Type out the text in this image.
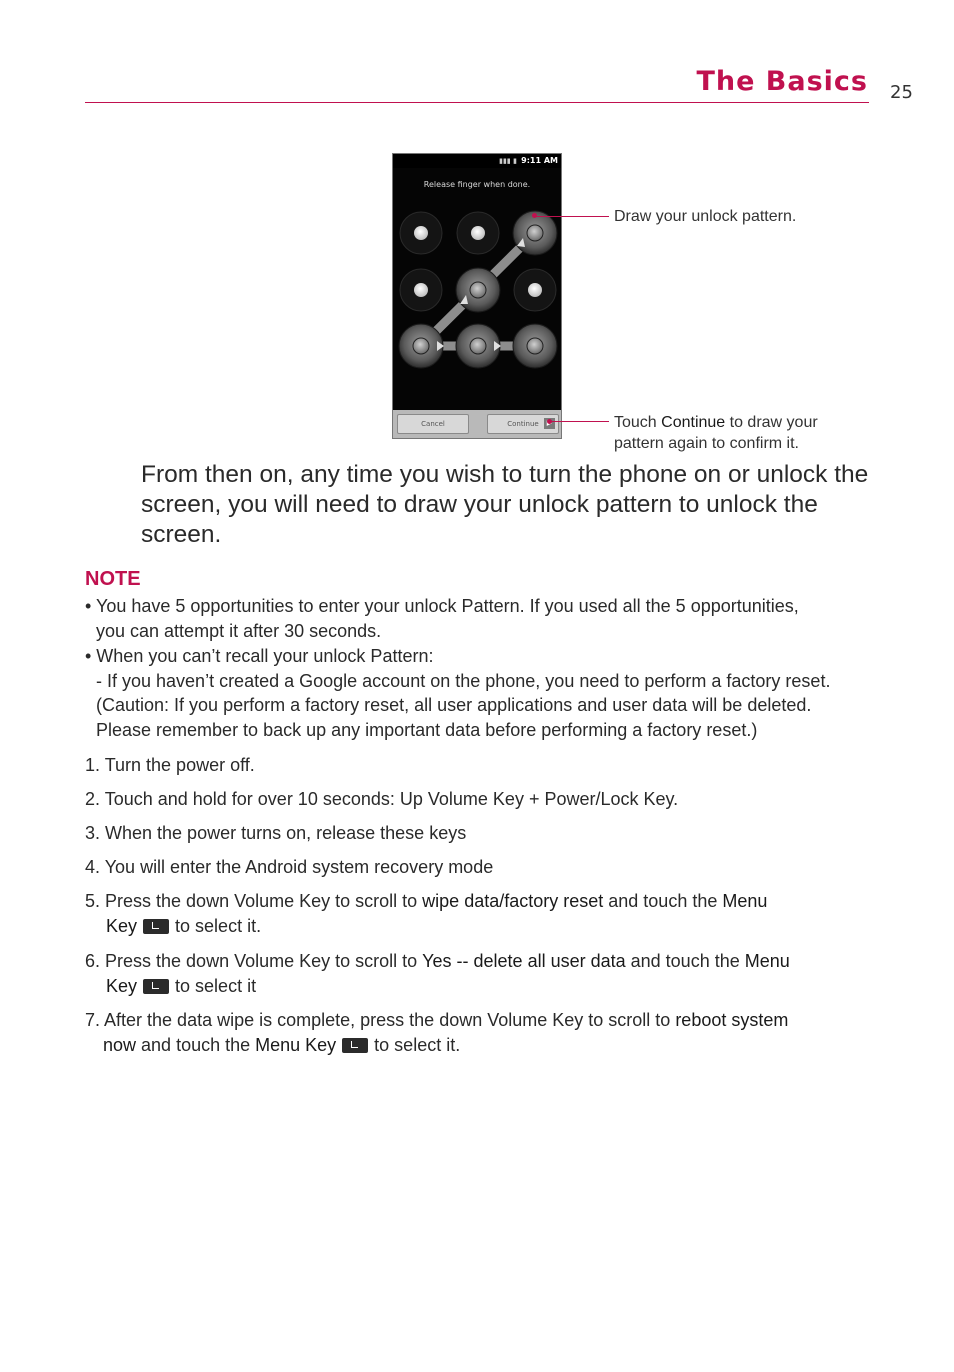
The Basics 25
▮▮▮ ▮ 9:11 AM
Release finger when done.
Cancel	Continue
Draw your unlock pattern.
Touch Continue to draw your
pattern again to confirm it.
From then on, any time you wish to turn the phone on or unlock the screen, you will need to draw your unlock pattern to unlock the screen.
NOTE
• You have 5 opportunities to enter your unlock Pattern. If you used all the 5 opportunities,
you can attempt it after 30 seconds.
• When you can’t recall your unlock Pattern:
- If you haven’t created a Google account on the phone, you need to perform a factory reset.
(Caution: If you perform a factory reset, all user applications and user data will be deleted.
Please remember to back up any important data before performing a factory reset.)
1. Turn the power off.
2. Touch and hold for over 10 seconds: Up Volume Key + Power/Lock Key.
3. When the power turns on, release these keys
4. You will enter the Android system recovery mode
5. Press the down Volume Key to scroll to wipe data/factory reset and touch the Menu
Key to select it.
6. Press the down Volume Key to scroll to Yes -- delete all user data and touch the Menu
Key to select it
7. After the data wipe is complete, press the down Volume Key to scroll to reboot system
now and touch the Menu Key to select it.
